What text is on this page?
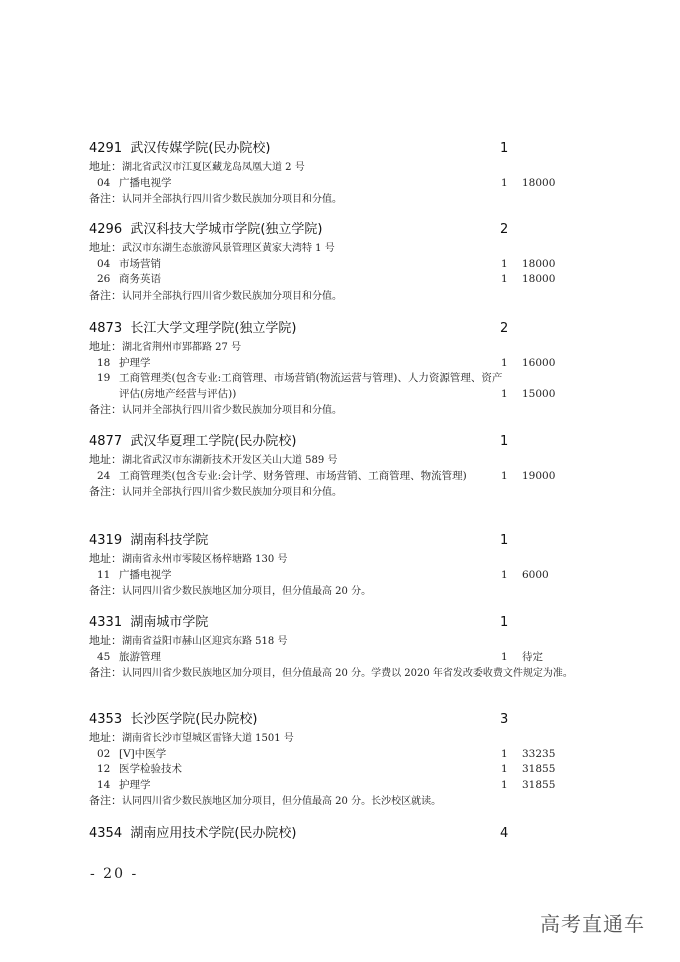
4291 武汉传媒学院(民办院校)	1
地址：湖北省武汉市江夏区藏龙岛凤凰大道 2 号
04 广播电视学	1 18000
备注：认同并全部执行四川省少数民族加分项目和分值。
4296 武汉科技大学城市学院(独立学院)	2
地址：武汉市东湖生态旅游风景管理区黄家大湾特 1 号
04 市场营销	1 18000
26 商务英语	1 18000
备注：认同并全部执行四川省少数民族加分项目和分值。
4873 长江大学文理学院(独立学院)	2
地址：湖北省荆州市郢都路 27 号
18 护理学	1 16000
19 工商管理类(包含专业:工商管理、市场营销(物流运营与管理)、人力资源管理、资产评估(房地产经营与评估))	1 15000
备注：认同并全部执行四川省少数民族加分项目和分值。
4877 武汉华夏理工学院(民办院校)	1
地址：湖北省武汉市东湖新技术开发区关山大道 589 号
24 工商管理类(包含专业:会计学、财务管理、市场营销、工商管理、物流管理)	1 19000
备注：认同并全部执行四川省少数民族加分项目和分值。
4319 湖南科技学院	1
地址：湖南省永州市零陵区杨梓塘路 130 号
11 广播电视学	1 6000
备注：认同四川省少数民族地区加分项目，但分值最高 20 分。
4331 湖南城市学院	1
地址：湖南省益阳市赫山区迎宾东路 518 号
45 旅游管理	1 待定
备注：认同四川省少数民族地区加分项目，但分值最高 20 分。学费以 2020 年省发改委收费文件规定为准。
4353 长沙医学院(民办院校)	3
地址：湖南省长沙市望城区雷锋大道 1501 号
02 [V]中医学	1 33235
12 医学检验技术	1 31855
14 护理学	1 31855
备注：认同四川省少数民族地区加分项目，但分值最高 20 分。长沙校区就读。
4354 湖南应用技术学院(民办院校)	4
- 20 -
高考直通车
